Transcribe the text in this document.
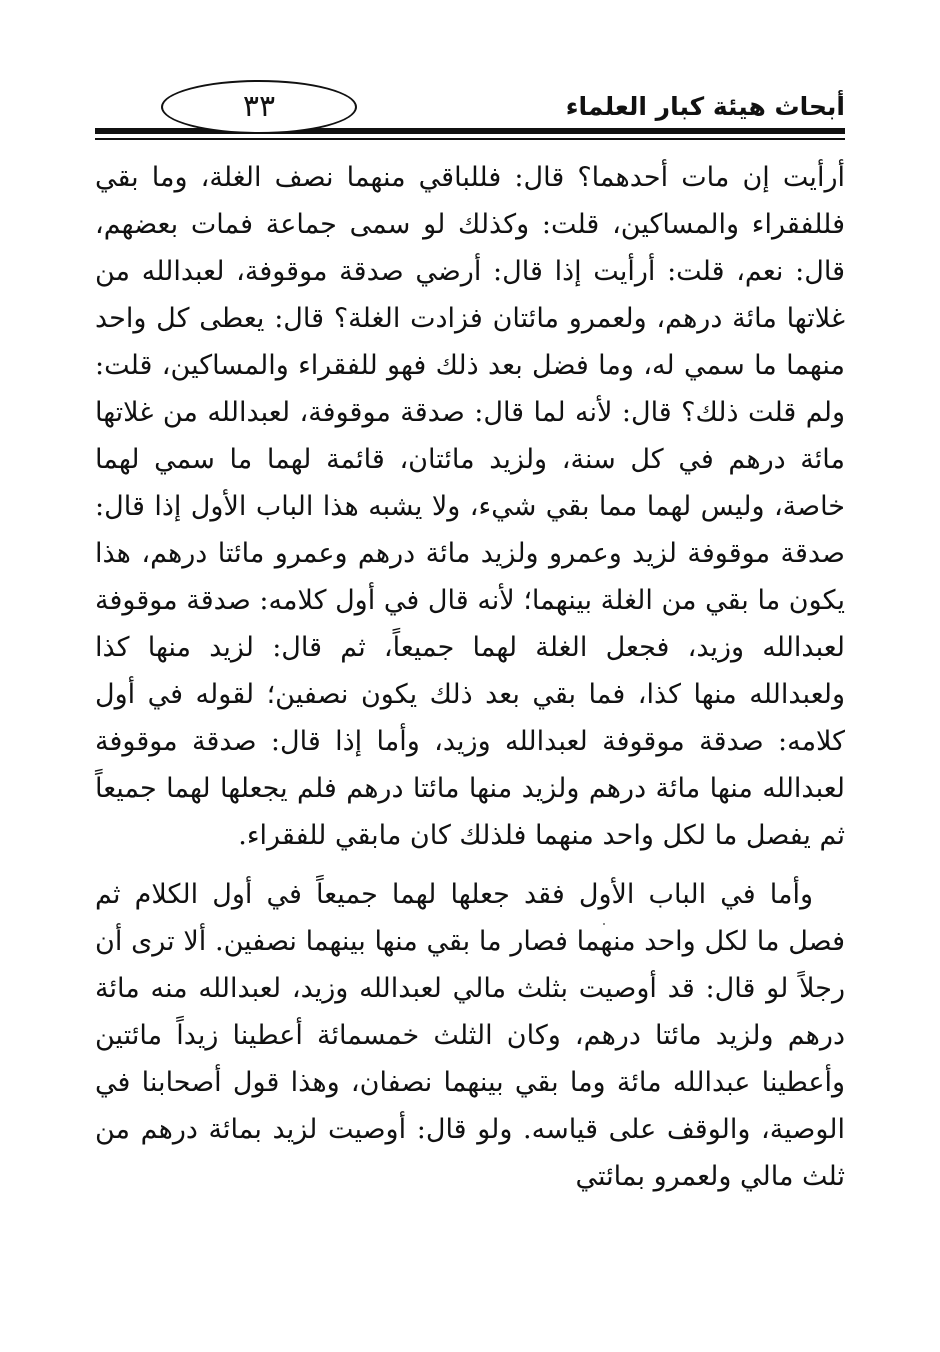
أبحاث هيئة كبار العلماء
٣٣

أرأيت إن مات أحدهما؟ قال: فللباقي منهما نصف الغلة، وما بقي فللفقراء والمساكين، قلت: وكذلك لو سمى جماعة فمات بعضهم، قال: نعم، قلت: أرأيت إذا قال: أرضي صدقة موقوفة، لعبدالله من غلاتها مائة درهم، ولعمرو مائتان فزادت الغلة؟ قال: يعطى كل واحد منهما ما سمي له، وما فضل بعد ذلك فهو للفقراء والمساكين، قلت: ولم قلت ذلك؟ قال: لأنه لما قال: صدقة موقوفة، لعبدالله من غلاتها مائة درهم في كل سنة، ولزيد مائتان، قائمة لهما ما سمي لهما خاصة، وليس لهما مما بقي شيء، ولا يشبه هذا الباب الأول إذا قال: صدقة موقوفة لزيد وعمرو ولزيد مائة درهم وعمرو مائتا درهم، هذا يكون ما بقي من الغلة بينهما؛ لأنه قال في أول كلامه: صدقة موقوفة لعبدالله وزيد، فجعل الغلة لهما جميعاً، ثم قال: لزيد منها كذا ولعبدالله منها كذا، فما بقي بعد ذلك يكون نصفين؛ لقوله في أول كلامه: صدقة موقوفة لعبدالله وزيد، وأما إذا قال: صدقة موقوفة لعبدالله منها مائة درهم ولزيد منها مائتا درهم فلم يجعلها لهما جميعاً ثم يفصل ما لكل واحد منهما فلذلك كان مابقي للفقراء.

وأما في الباب الأول فقد جعلها لهما جميعاً في أول الكلام ثم فصل ما لكل واحد منهما فصار ما بقي منها بينهما نصفين. ألا ترى أن رجلاً لو قال: قد أوصيت بثلث مالي لعبدالله وزيد، لعبدالله منه مائة درهم ولزيد مائتا درهم، وكان الثلث خمسمائة أعطينا زيداً مائتين وأعطينا عبدالله مائة وما بقي بينهما نصفان، وهذا قول أصحابنا في الوصية، والوقف على قياسه. ولو قال: أوصيت لزيد بمائة درهم من ثلث مالي ولعمرو بمائتي
